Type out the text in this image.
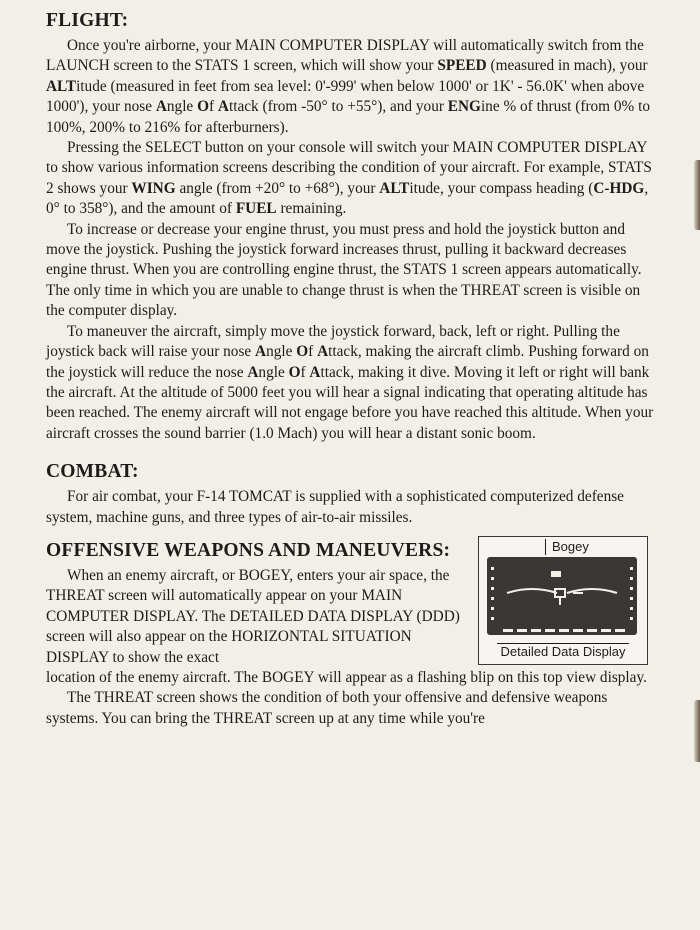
FLIGHT:

Once you're airborne, your MAIN COMPUTER DISPLAY will automatically switch from the LAUNCH screen to the STATS 1 screen, which will show your SPEED (measured in mach), your ALTitude (measured in feet from sea level: 0'-999' when below 1000' or 1K' - 56.0K' when above 1000'), your nose Angle Of Attack (from -50° to +55°), and your ENGine % of thrust (from 0% to 100%, 200% to 216% for afterburners).

Pressing the SELECT button on your console will switch your MAIN COMPUTER DISPLAY to show various information screens describing the condition of your aircraft. For example, STATS 2 shows your WING angle (from +20° to +68°), your ALTitude, your compass heading (C-HDG, 0° to 358°), and the amount of FUEL remaining.

To increase or decrease your engine thrust, you must press and hold the joystick button and move the joystick. Pushing the joystick forward increases thrust, pulling it backward decreases engine thrust. When you are controlling engine thrust, the STATS 1 screen appears automatically. The only time in which you are unable to change thrust is when the THREAT screen is visible on the computer display.

To maneuver the aircraft, simply move the joystick forward, back, left or right. Pulling the joystick back will raise your nose Angle Of Attack, making the aircraft climb. Pushing forward on the joystick will reduce the nose Angle Of Attack, making it dive. Moving it left or right will bank the aircraft. At the altitude of 5000 feet you will hear a signal indicating that operating altitude has been reached. The enemy aircraft will not engage before you have reached this altitude. When your aircraft crosses the sound barrier (1.0 Mach) you will hear a distant sonic boom.

COMBAT:

For air combat, your F-14 TOMCAT is supplied with a sophisticated computerized defense system, machine guns, and three types of air-to-air missiles.

OFFENSIVE WEAPONS AND MANEUVERS:

When an enemy aircraft, or BOGEY, enters your air space, the THREAT screen will automatically appear on your MAIN COMPUTER DISPLAY. The DETAILED DATA DISPLAY (DDD) screen will also appear on the HORIZONTAL SITUATION DISPLAY to show the exact

Bogey
Detailed Data Display

location of the enemy aircraft. The BOGEY will appear as a flashing blip on this top view display.

The THREAT screen shows the condition of both your offensive and defensive weapons systems. You can bring the THREAT screen up at any time while you're
